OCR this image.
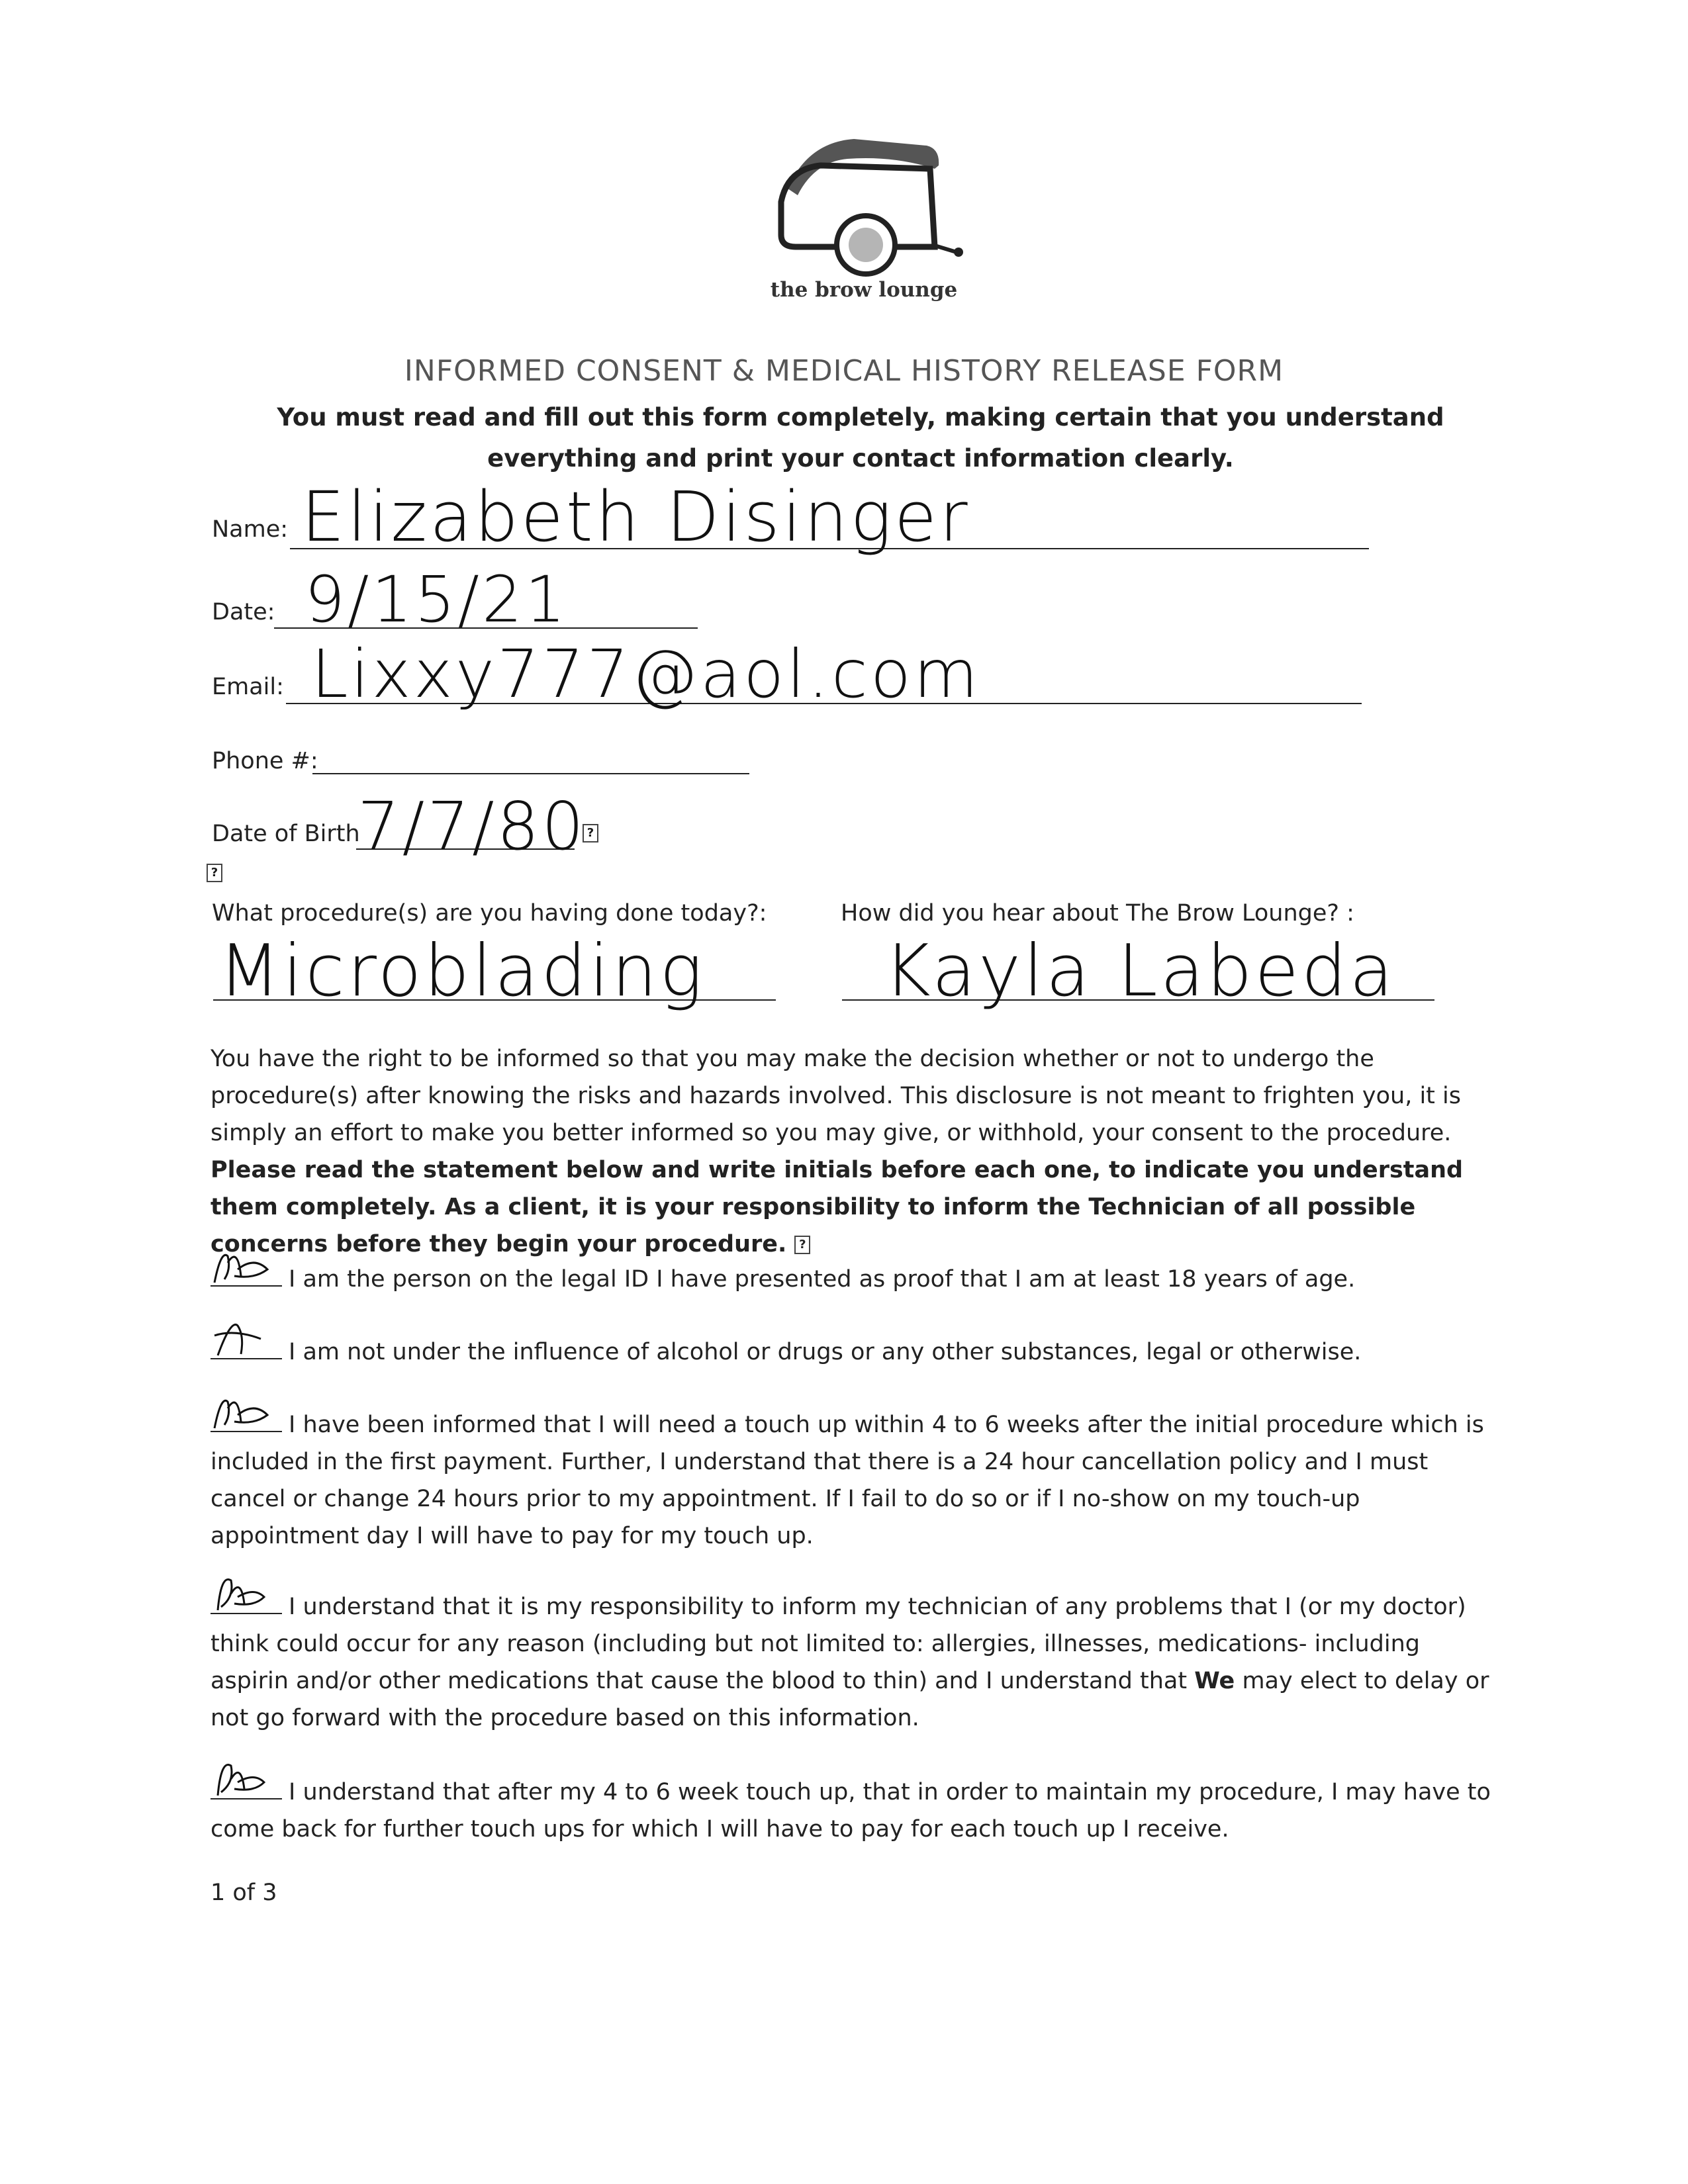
the brow lounge
INFORMED CONSENT & MEDICAL HISTORY RELEASE FORM
You must read and fill out this form completely, making certain that you understand everything and print your contact information clearly.
Name: Elizabeth Disinger
Date: 9/15/21
Email: Lixxy777@aol.com
Phone #:
Date of Birth
7/7/80 ?
?
What procedure(s) are you having done today?:	How did you hear about The Brow Lounge? :
Microblading Kayla Labeda
You have the right to be informed so that you may make the decision whether or not to undergo the procedure(s) after knowing the risks and hazards involved. This disclosure is not meant to frighten you, it is simply an effort to make you better informed so you may give, or withhold, your consent to the procedure. Please read the statement below and write initials before each one, to indicate you understand them completely. As a client, it is your responsibility to inform the Technician of all possible concerns before they begin your procedure. ?
I am the person on the legal ID I have presented as proof that I am at least 18 years of age.
I am not under the influence of alcohol or drugs or any other substances, legal or otherwise.
I have been informed that I will need a touch up within 4 to 6 weeks after the initial procedure which is included in the first payment. Further, I understand that there is a 24 hour cancellation policy and I must cancel or change 24 hours prior to my appointment. If I fail to do so or if I no-show on my touch-up appointment day I will have to pay for my touch up.
I understand that it is my responsibility to inform my technician of any problems that I (or my doctor) think could occur for any reason (including but not limited to: allergies, illnesses, medications- including aspirin and/or other medications that cause the blood to thin) and I understand that We may elect to delay or not go forward with the procedure based on this information.
I understand that after my 4 to 6 week touch up, that in order to maintain my procedure, I may have to come back for further touch ups for which I will have to pay for each touch up I receive.
1 of 3
